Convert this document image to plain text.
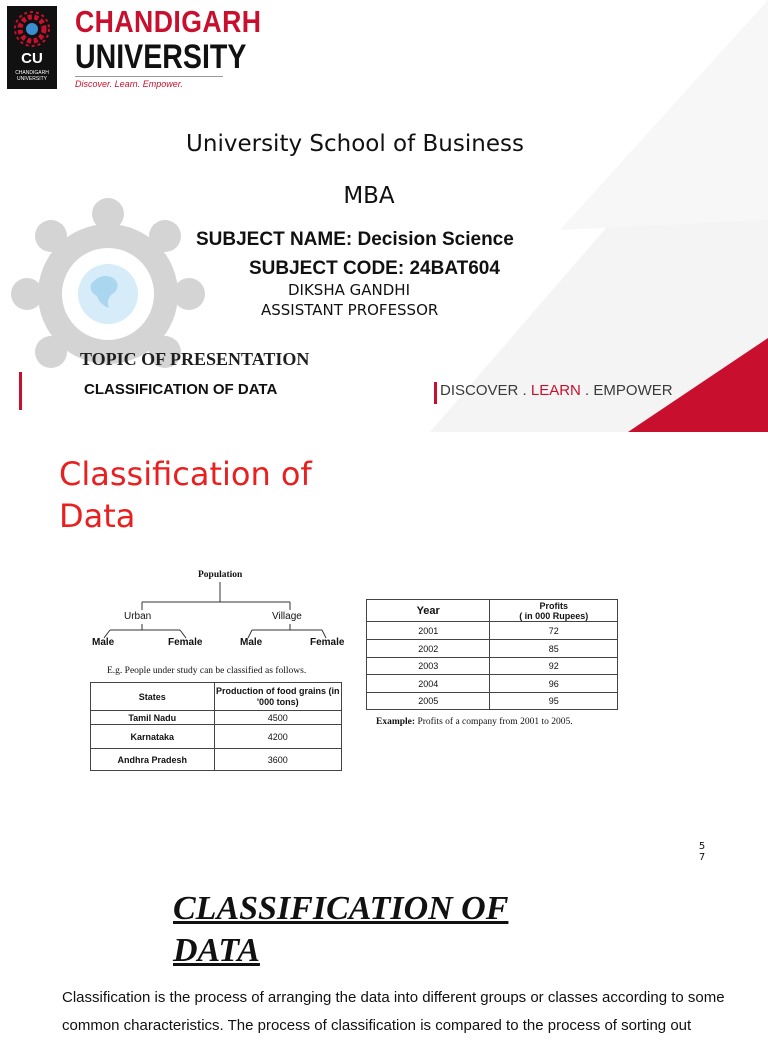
CU
CHANDIGARH UNIVERSITY
CHANDIGARH
UNIVERSITY
Discover. Learn. Empower.
University School of Business
MBA
SUBJECT NAME: Decision Science
SUBJECT CODE: 24BAT604
DIKSHA GANDHI
ASSISTANT PROFESSOR
TOPIC OF PRESENTATION
CLASSIFICATION OF DATA	DISCOVER . LEARN . EMPOWER
Classification of Data
Population
Urban	Village
Male	Female	Male	Female
E.g. People under study can be classified as follows.
States	Production of food grains (in '000 tons)
Tamil Nadu	4500
Karnataka	4200
Andhra Pradesh	3600
Year	Profits
( in 000 Rupees)

2001	72
2002	85
2003	92
2004	96
2005	95
Example: Profits of a company from 2001 to 2005.
5
7
CLASSIFICATION OF
DATA
Classification is the process of arranging the data into different groups or classes according to some
common characteristics. The process of classification is compared to the process of sorting out
